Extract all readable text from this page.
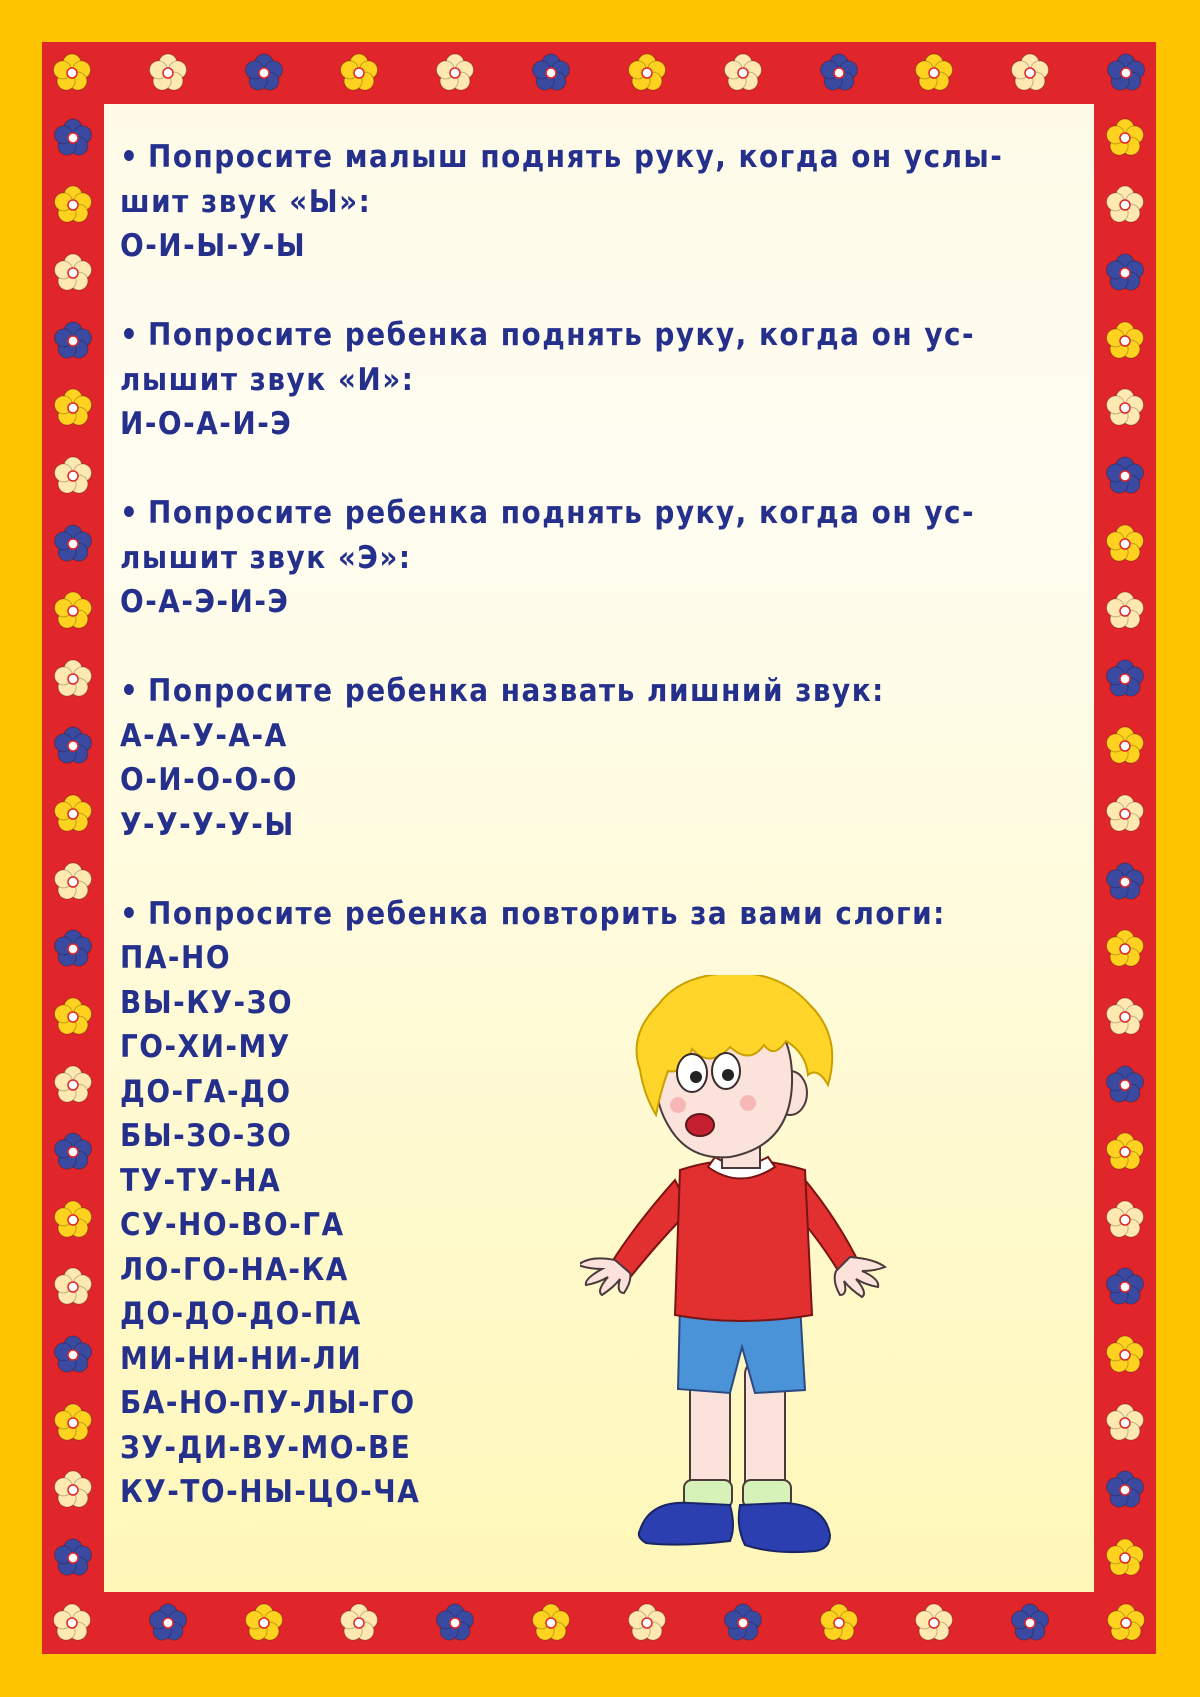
• Попросите малыш поднять руку, когда он услы-
шит звук «Ы»:
О-И-Ы-У-Ы
• Попросите ребенка поднять руку, когда он ус-
лышит звук «И»:
И-О-А-И-Э
• Попросите ребенка поднять руку, когда он ус-
лышит звук «Э»:
О-А-Э-И-Э
• Попросите ребенка назвать лишний звук:
А-А-У-А-А
О-И-О-О-О
У-У-У-У-Ы
• Попросите ребенка повторить за вами слоги:
ПА-НО
ВЫ-КУ-ЗО
ГО-ХИ-МУ
ДО-ГА-ДО
БЫ-ЗО-ЗО
ТУ-ТУ-НА
СУ-НО-ВО-ГА
ЛО-ГО-НА-КА
ДО-ДО-ДО-ПА
МИ-НИ-НИ-ЛИ
БА-НО-ПУ-ЛЫ-ГО
ЗУ-ДИ-ВУ-МО-ВЕ
КУ-ТО-НЫ-ЦО-ЧА
